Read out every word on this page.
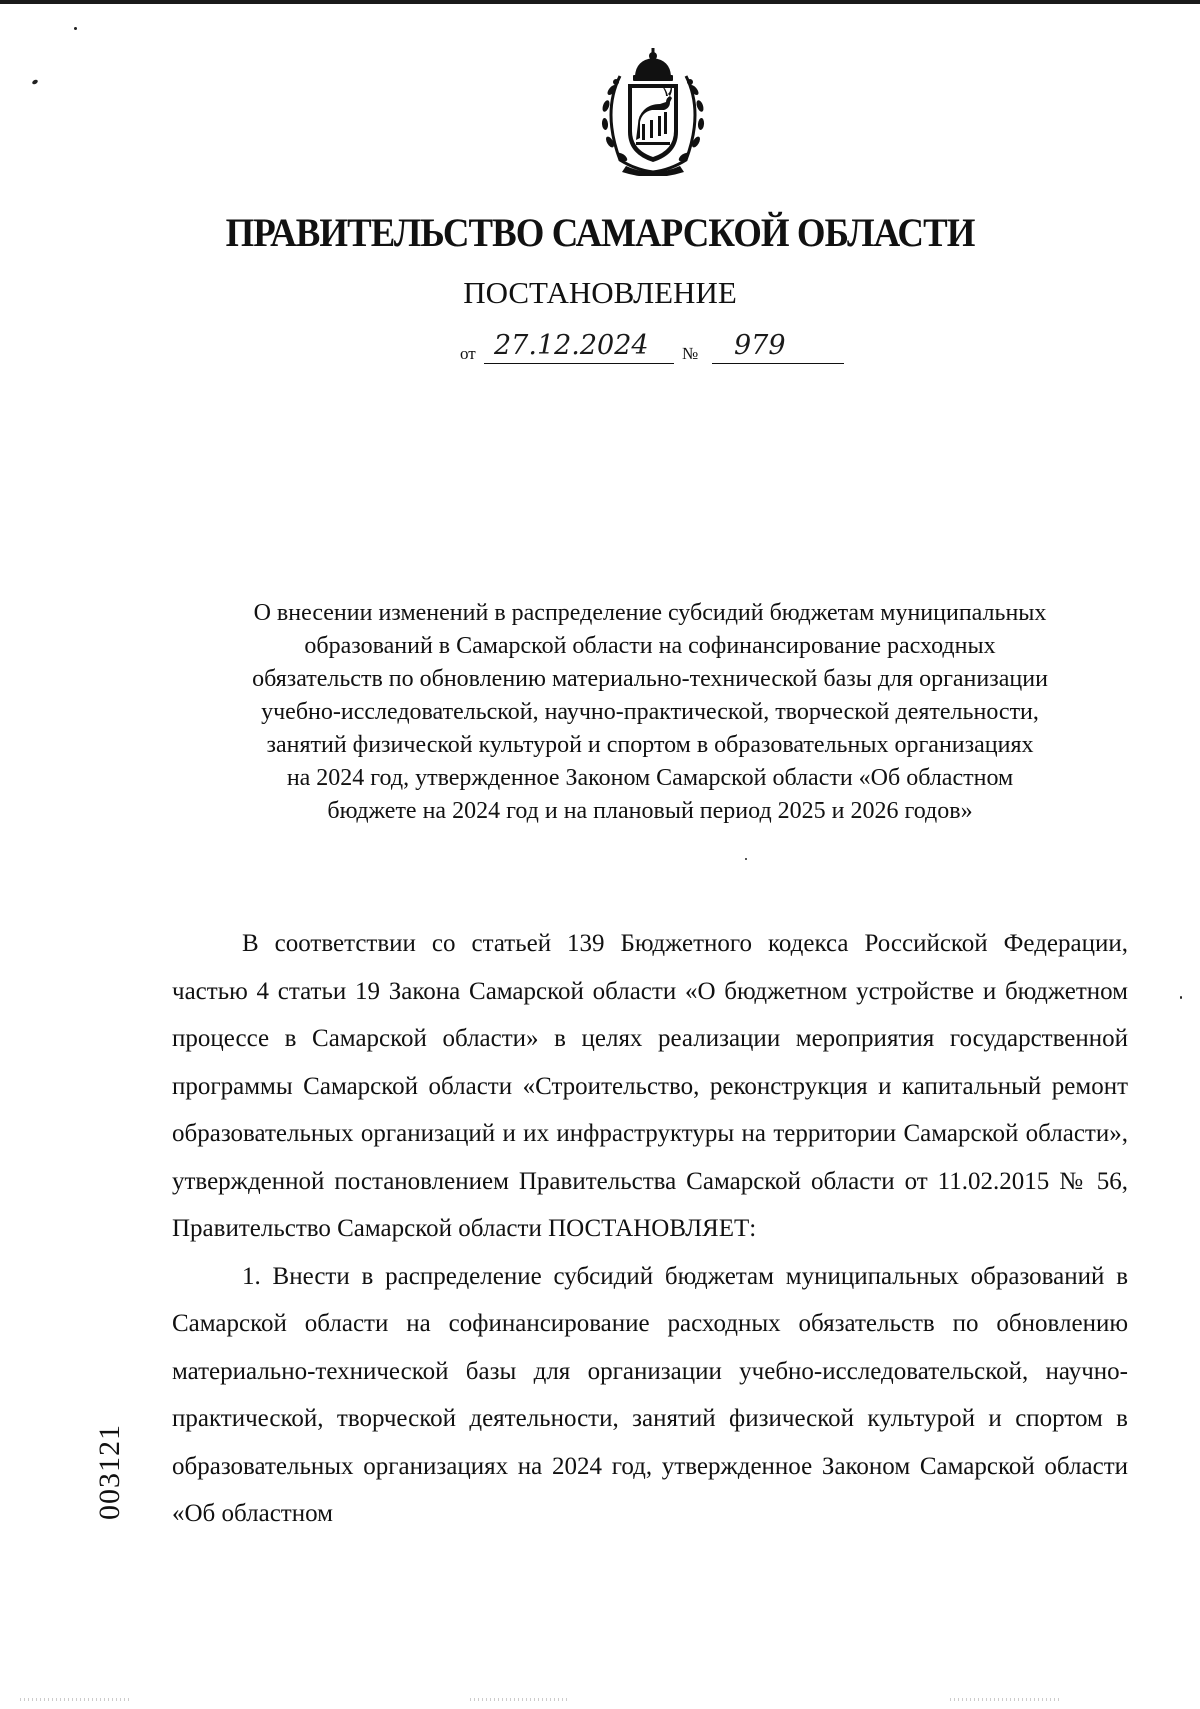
ПРАВИТЕЛЬСТВО САМАРСКОЙ ОБЛАСТИ
ПОСТАНОВЛЕНИЕ
от 27.12.2024 № 979
О внесении изменений в распределение субсидий бюджетам муниципальных
образований в Самарской области на софинансирование расходных
обязательств по обновлению материально-технической базы для организации
учебно-исследовательской, научно-практической, творческой деятельности,
занятий физической культурой и спортом в образовательных организациях
на 2024 год, утвержденное Законом Самарской области «Об областном
бюджете на 2024 год и на плановый период 2025 и 2026 годов»

В соответствии со статьей 139 Бюджетного кодекса Российской Федерации, частью 4 статьи 19 Закона Самарской области «О бюджетном устройстве и бюджетном процессе в Самарской области» в целях реализации мероприятия государственной программы Самарской области «Строительство, реконструкция и капитальный ремонт образовательных организаций и их инфраструктуры на территории Самарской области», утвержденной постановлением Правительства Самарской области от 11.02.2015 № 56, Правительство Самарской области ПОСТАНОВЛЯЕТ:

1. Внести в распределение субсидий бюджетам муниципальных образований в Самарской области на софинансирование расходных обязательств по обновлению материально-технической базы для организации учебно-исследовательской, научно-практической, творческой деятельности, занятий физической культурой и спортом в образовательных организациях на 2024 год, утвержденное Законом Самарской области «Об областном

003121
